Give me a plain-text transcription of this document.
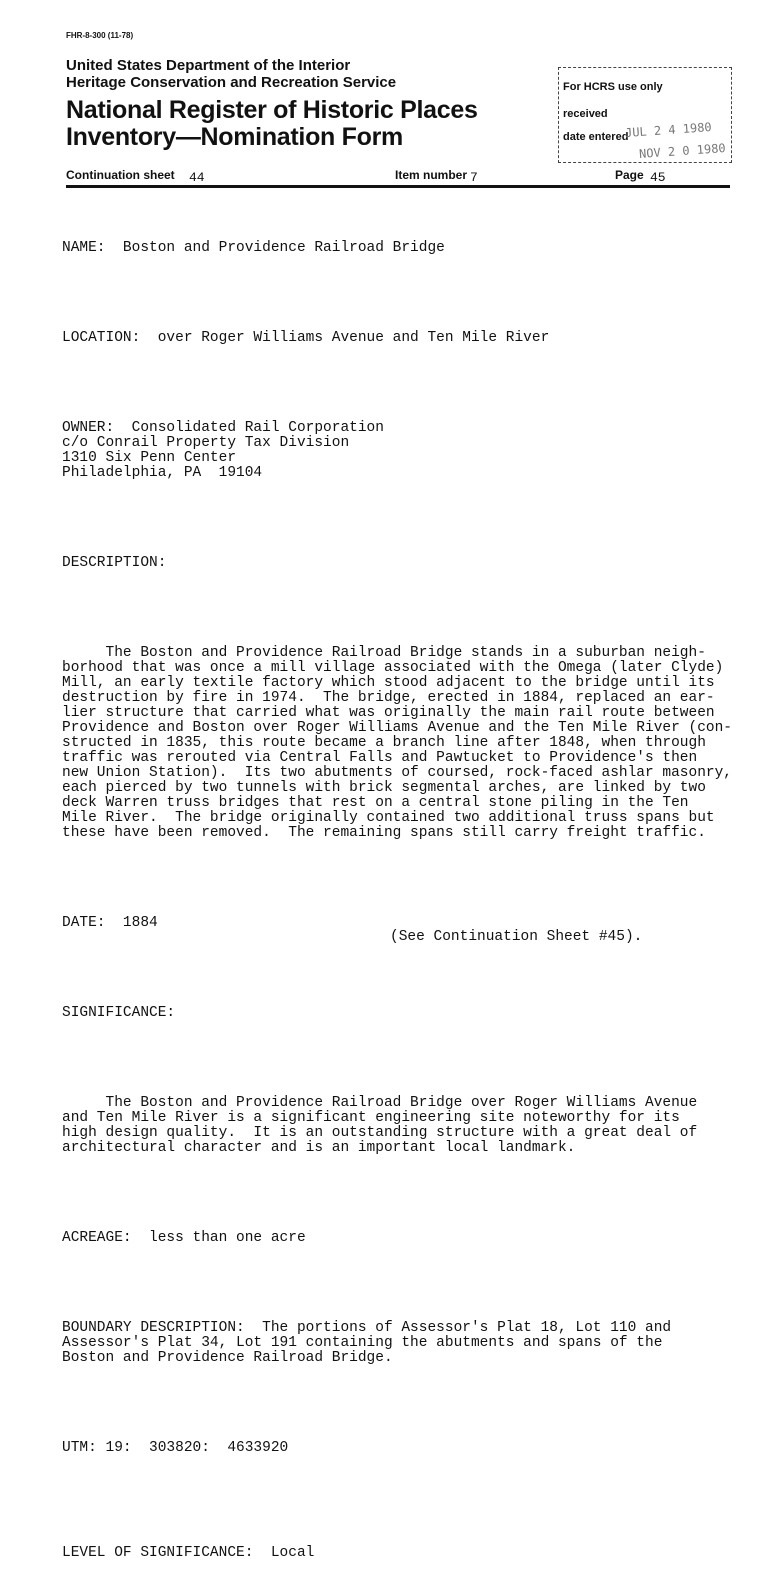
FHR-8-300 (11-78)
United States Department of the Interior
Heritage Conservation and Recreation Service
National Register of Historic Places
Inventory—Nomination Form
For HCRS use only
received
date entered
JUL 2 4 1980
NOV 2 0 1980
Continuation sheet 44	Item number 7	Page 45

NAME:  Boston and Providence Railroad Bridge

LOCATION:  over Roger Williams Avenue and Ten Mile River

OWNER:  Consolidated Rail Corporation
c/o Conrail Property Tax Division
1310 Six Penn Center
Philadelphia, PA  19104

DESCRIPTION:

The Boston and Providence Railroad Bridge stands in a suburban neigh-
borhood that was once a mill village associated with the Omega (later Clyde)
Mill, an early textile factory which stood adjacent to the bridge until its
destruction by fire in 1974.  The bridge, erected in 1884, replaced an ear-
lier structure that carried what was originally the main rail route between
Providence and Boston over Roger Williams Avenue and the Ten Mile River (con-
structed in 1835, this route became a branch line after 1848, when through
traffic was rerouted via Central Falls and Pawtucket to Providence's then
new Union Station).  Its two abutments of coursed, rock-faced ashlar masonry,
each pierced by two tunnels with brick segmental arches, are linked by two
deck Warren truss bridges that rest on a central stone piling in the Ten
Mile River.  The bridge originally contained two additional truss spans but
these have been removed.  The remaining spans still carry freight traffic.

DATE:  1884

SIGNIFICANCE:

The Boston and Providence Railroad Bridge over Roger Williams Avenue
and Ten Mile River is a significant engineering site noteworthy for its
high design quality.  It is an outstanding structure with a great deal of
architectural character and is an important local landmark.

ACREAGE:  less than one acre

BOUNDARY DESCRIPTION:  The portions of Assessor's Plat 18, Lot 110 and
Assessor's Plat 34, Lot 191 containing the abutments and spans of the
Boston and Providence Railroad Bridge.

UTM: 19:  303820:  4633920

LEVEL OF SIGNIFICANCE:  Local

(See Continuation Sheet #45).
